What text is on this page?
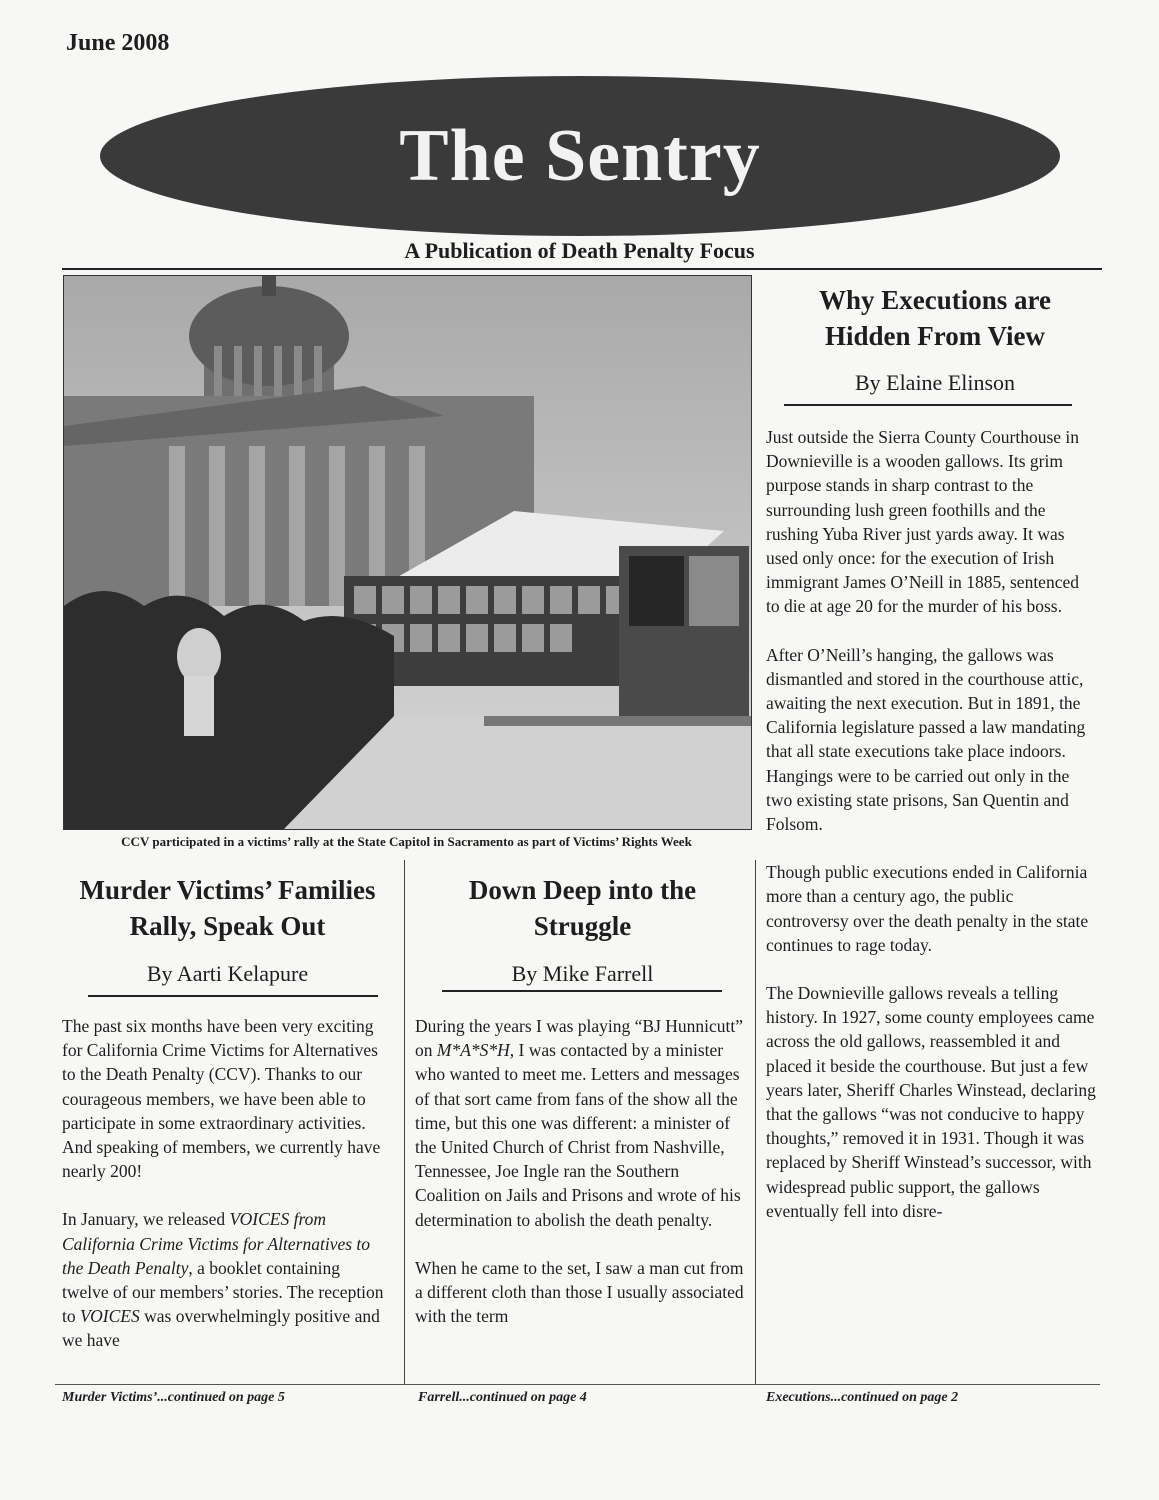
June 2008
The Sentry
A Publication of Death Penalty Focus
CCV participated in a victims’ rally at the State Capitol in Sacramento as part of Victims’ Rights Week
Why Executions are
Hidden From View
By Elaine Elinson

Just outside the Sierra County Courthouse in Downieville is a wooden gallows. Its grim purpose stands in sharp contrast to the surrounding lush green foothills and the rushing Yuba River just yards away. It was used only once: for the execution of Irish immigrant James O’Neill in 1885, sentenced to die at age 20 for the murder of his boss.

After O’Neill’s hanging, the gallows was dismantled and stored in the courthouse attic, awaiting the next execution. But in 1891, the California legislature passed a law mandating that all state executions take place indoors. Hangings were to be carried out only in the two existing state prisons, San Quentin and Folsom.

Though public executions ended in California more than a century ago, the public controversy over the death penalty in the state continues to rage today.

The Downieville gallows reveals a telling history. In 1927, some county employees came across the old gallows, reassembled it and placed it beside the courthouse. But just a few years later, Sheriff Charles Winstead, declaring that the gallows “was not conducive to happy thoughts,” removed it in 1931. Though it was replaced by Sheriff Winstead’s successor, with widespread public support, the gallows eventually fell into disre-

Murder Victims’ Families
Rally, Speak Out
By Aarti Kelapure

The past six months have been very exciting for California Crime Victims for Alternatives to the Death Penalty (CCV). Thanks to our courageous members, we have been able to participate in some extraordinary activities. And speaking of members, we currently have nearly 200!

In January, we released VOICES from California Crime Victims for Alternatives to the Death Penalty, a booklet containing twelve of our members’ stories. The reception to VOICES was overwhelmingly positive and we have

Down Deep into the
Struggle
By Mike Farrell

During the years I was playing “BJ Hunnicutt” on M*A*S*H, I was contacted by a minister who wanted to meet me. Letters and messages of that sort came from fans of the show all the time, but this one was different: a minister of the United Church of Christ from Nashville, Tennessee, Joe Ingle ran the Southern Coalition on Jails and Prisons and wrote of his determination to abolish the death penalty.

When he came to the set, I saw a man cut from a different cloth than those I usually associated with the term

Murder Victims’...continued on page 5	Farrell...continued on page 4	Executions...continued on page 2
